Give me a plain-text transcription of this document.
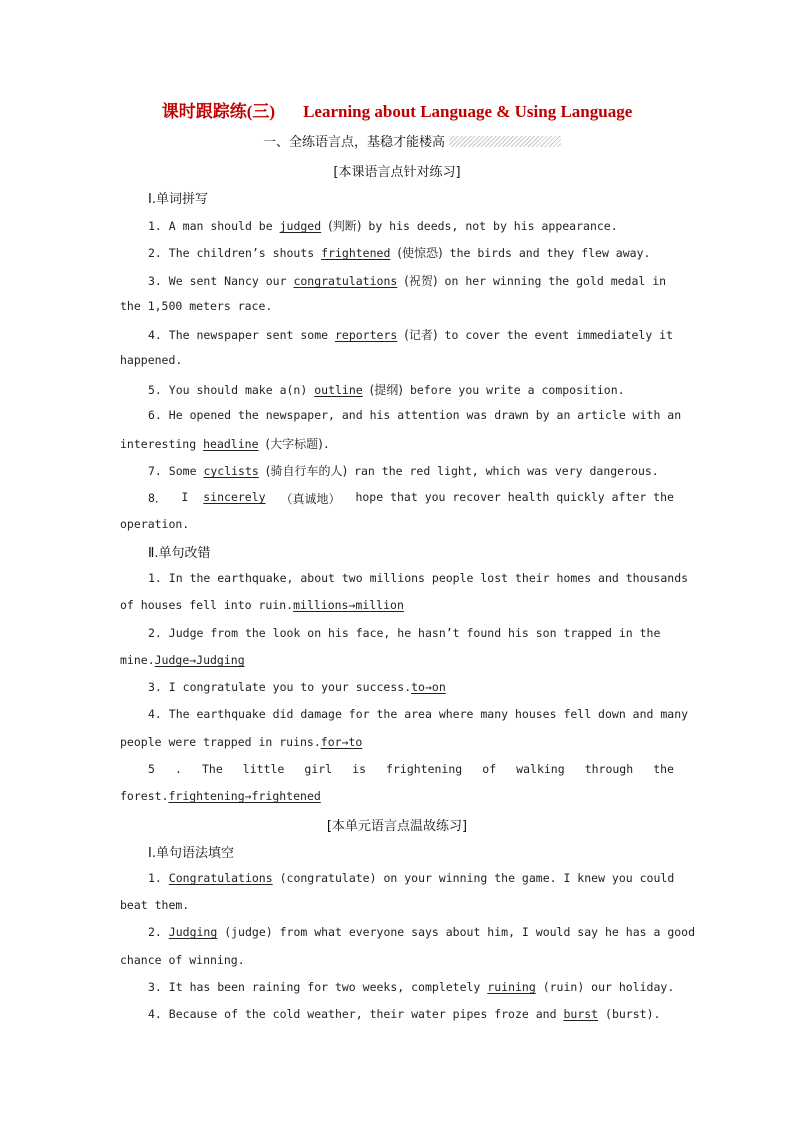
课时跟踪练(三) Learning about Language & Using Language
一、全练语言点，基稳才能楼高
[本课语言点针对练习]
Ⅰ.单词拼写
1. A man should be judged (判断) by his deeds, not by his appearance.
2. The children’s shouts frightened (使惊恐) the birds and they flew away.
3. We sent Nancy our congratulations (祝贺) on her winning the gold medal in
the 1,500 meters race.
4. The newspaper sent some reporters (记者) to cover the event immediately it
happened.
5. You should make a(n) outline (提纲) before you write a composition.
6. He opened the newspaper, and his attention was drawn by an article with an
interesting headline (大字标题).
7. Some cyclists (骑自行车的人) ran the red light, which was very dangerous.
8． I sincerely （真诚地） hope that you recover health quickly after the
operation.
Ⅱ.单句改错
1. In the earthquake, about two millions people lost their homes and thousands
of houses fell into ruin.millions→million
2. Judge from the look on his face, he hasn’t found his son trapped in the
mine.Judge→Judging
3. I congratulate you to your success.to→on
4. The earthquake did damage for the area where many houses fell down and many
people were trapped in ruins.for→to
5 . The little girl is frightening of walking through the
forest.frightening→frightened
[本单元语言点温故练习]
Ⅰ.单句语法填空
1. Congratulations (congratulate) on your winning the game. I knew you could
beat them.
2. Judging (judge) from what everyone says about him, I would say he has a good
chance of winning.
3. It has been raining for two weeks, completely ruining (ruin) our holiday.
4. Because of the cold weather, their water pipes froze and burst (burst).
